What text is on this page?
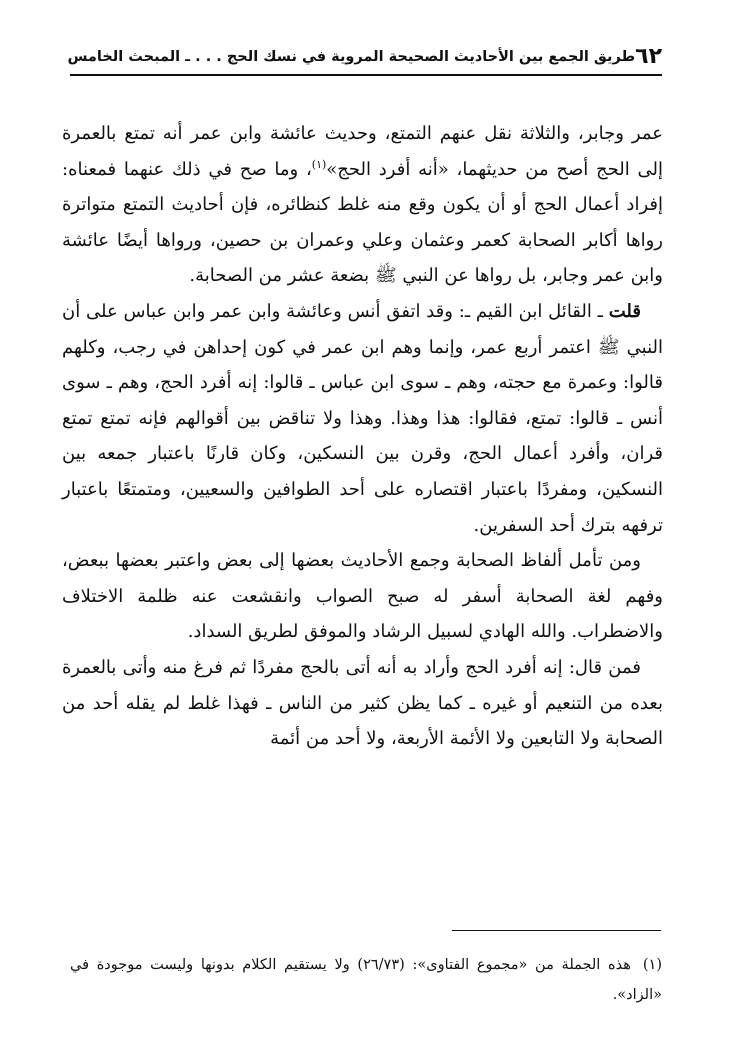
٦٢
طريق الجمع بين الأحاديث الصحيحة المروية في نسك الحج . . . ـ المبحث الخامس

عمر وجابر، والثلاثة نقل عنهم التمتع، وحديث عائشة وابن عمر أنه تمتع بالعمرة إلى الحج أصح من حديثهما، «أنه أفرد الحج»$^{(١)}$، وما صح في ذلك عنهما فمعناه: إفراد أعمال الحج أو أن يكون وقع منه غلط كنظائره، فإن أحاديث التمتع متواترة رواها أكابر الصحابة كعمر وعثمان وعلي وعمران بن حصين، ورواها أيضًا عائشة وابن عمر وجابر، بل رواها عن النبي ﷺ بضعة عشر من الصحابة.

قلت ـ القائل ابن القيم ـ: وقد اتفق أنس وعائشة وابن عمر وابن عباس على أن النبي ﷺ اعتمر أربع عمر، وإنما وهم ابن عمر في كون إحداهن في رجب، وكلهم قالوا: وعمرة مع حجته، وهم ـ سوى ابن عباس ـ قالوا: إنه أفرد الحج، وهم ـ سوى أنس ـ قالوا: تمتع، فقالوا: هذا وهذا. وهذا ولا تناقض بين أقوالهم فإنه تمتع تمتع قران، وأفرد أعمال الحج، وقرن بين النسكين، وكان قارنًا باعتبار جمعه بين النسكين، ومفردًا باعتبار اقتصاره على أحد الطوافين والسعيين، ومتمتعًا باعتبار ترفهه بترك أحد السفرين.

ومن تأمل ألفاظ الصحابة وجمع الأحاديث بعضها إلى بعض واعتبر بعضها ببعض، وفهم لغة الصحابة أسفر له صبح الصواب وانقشعت عنه ظلمة الاختلاف والاضطراب. والله الهادي لسبيل الرشاد والموفق لطريق السداد.

فمن قال: إنه أفرد الحج وأراد به أنه أتى بالحج مفردًا ثم فرغ منه وأتى بالعمرة بعده من التنعيم أو غيره ـ كما يظن كثير من الناس ـ فهذا غلط لم يقله أحد من الصحابة ولا التابعين ولا الأئمة الأربعة، ولا أحد من أئمة

(١)هذه الجملة من «مجموع الفتاوى»: (٢٦/٧٣) ولا يستقيم الكلام بدونها وليست موجودة في «الزاد».
